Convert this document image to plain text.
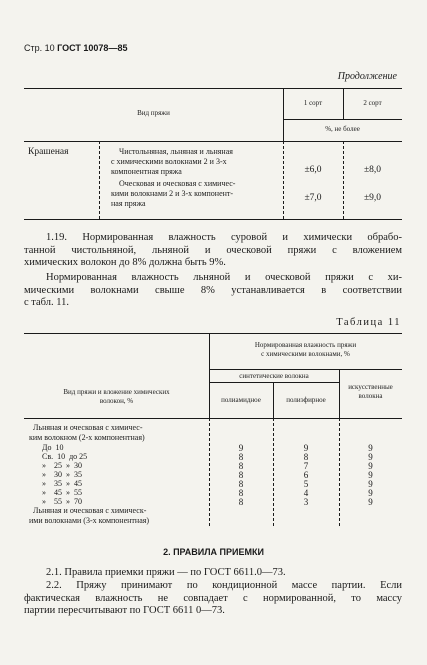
Стр. 10 ГОСТ 10078—85
Продолжение
Вид пряжи
1 сорт	2 сорт
%, не более
Крашеная	Чистольняная, льняная и льняная
с химическими волокнами 2 и 3-х
компонентная пряжа	±6,0	±8,0
Оческовая и оческовая с химичес-
кими волокнами 2 и 3-х компонент-
ная пряжа
±7,0	±9,0
1.19. Нормированная влажность суровой и химически обрабо-
танной чистольняной, льняной и оческовой пряжи с вложением
химических волокон до 8% должна быть 9%.
Нормированная влажность льняной и оческовой пряжи с хи-
мическими волокнами свыше 8% устанавливается в соответствии
с табл. 11.
Таблица 11
Вид пряжи и вложение химических
волокон, %
Нормированная влажность пряжи
с химическими волокнами, %
синтетические волокна
полиамидное	полиэфирное
искусственные
волокна
Льняная и оческовая с химичес-
ким волокном (2-х компонентная)
До  10	9	9	9
Св.  10  до 25	8	8	9
»    25  »  30	8	7	9
»    30  »  35	8	6	9
»    35  »  45	8	5	9
»    45  »  55	8	4	9
»    55  »  70	8	3	9
Льняная и оческовая с химическ-
ими волокнами (3-х компонентная)
2. ПРАВИЛА ПРИЕМКИ
2.1. Правила приемки пряжи — по ГОСТ 6611.0—73.
2.2. Пряжу принимают по кондиционной массе партии. Если
фактическая влажность не совпадает с нормированной, то массу
партии пересчитывают по ГОСТ 6611 0—73.
